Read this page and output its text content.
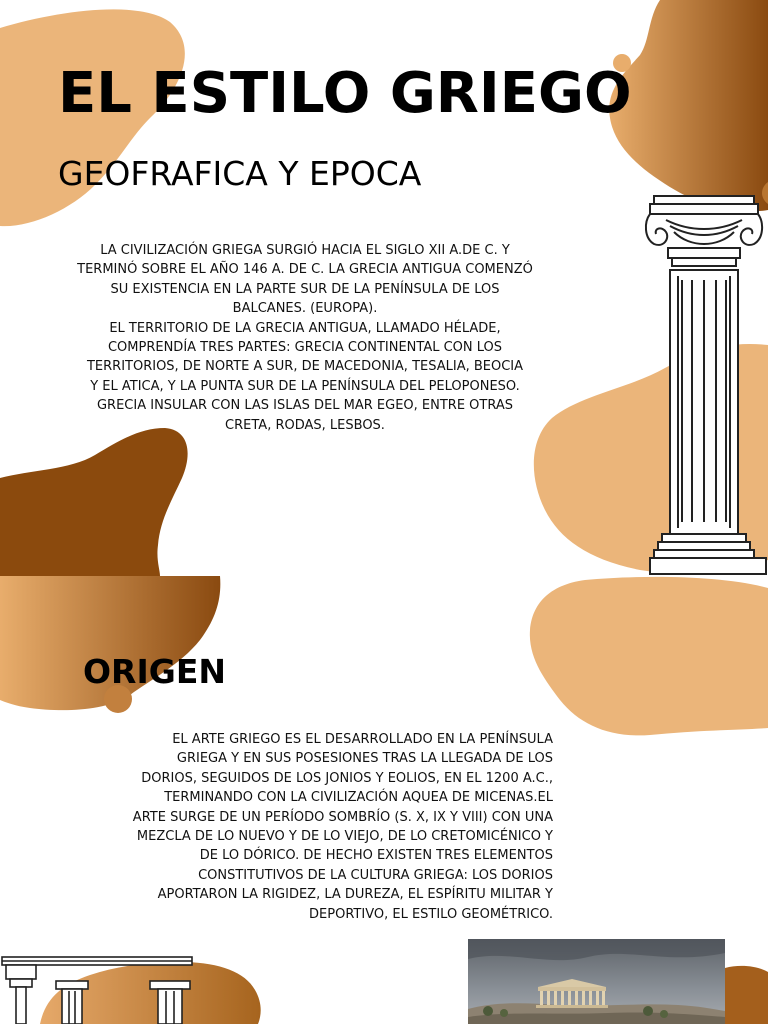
EL ESTILO GRIEGO
GEOFRAFICA Y EPOCA
LA CIVILIZACIÓN GRIEGA SURGIÓ HACIA EL SIGLO XII A.DE C. Y
TERMINÓ SOBRE EL AÑO 146 A. DE C. LA GRECIA ANTIGUA COMENZÓ
SU EXISTENCIA EN LA PARTE SUR DE LA PENÍNSULA DE LOS
BALCANES. (EUROPA).
EL TERRITORIO DE LA GRECIA ANTIGUA, LLAMADO HÉLADE,
COMPRENDÍA TRES PARTES: GRECIA CONTINENTAL CON LOS
TERRITORIOS, DE NORTE A SUR, DE MACEDONIA, TESALIA, BEOCIA
Y EL ATICA, Y LA PUNTA SUR DE LA PENÍNSULA DEL PELOPONESO.
GRECIA INSULAR CON LAS ISLAS DEL MAR EGEO, ENTRE OTRAS
CRETA, RODAS, LESBOS.
ORIGEN
EL ARTE GRIEGO ES EL DESARROLLADO EN LA PENÍNSULA
GRIEGA Y EN SUS POSESIONES TRAS LA LLEGADA DE LOS
DORIOS, SEGUIDOS DE LOS JONIOS Y EOLIOS, EN EL 1200 A.C.,
TERMINANDO CON LA CIVILIZACIÓN AQUEA DE MICENAS.EL
ARTE SURGE DE UN PERÍODO SOMBRÍO (S. X, IX Y VIII) CON UNA
MEZCLA DE LO NUEVO Y DE LO VIEJO, DE LO CRETOMICÉNICO Y
DE LO DÓRICO. DE HECHO EXISTEN TRES ELEMENTOS
CONSTITUTIVOS DE LA CULTURA GRIEGA: LOS DORIOS
APORTARON LA RIGIDEZ, LA DUREZA, EL ESPÍRITU MILITAR Y
DEPORTIVO, EL ESTILO GEOMÉTRICO.
